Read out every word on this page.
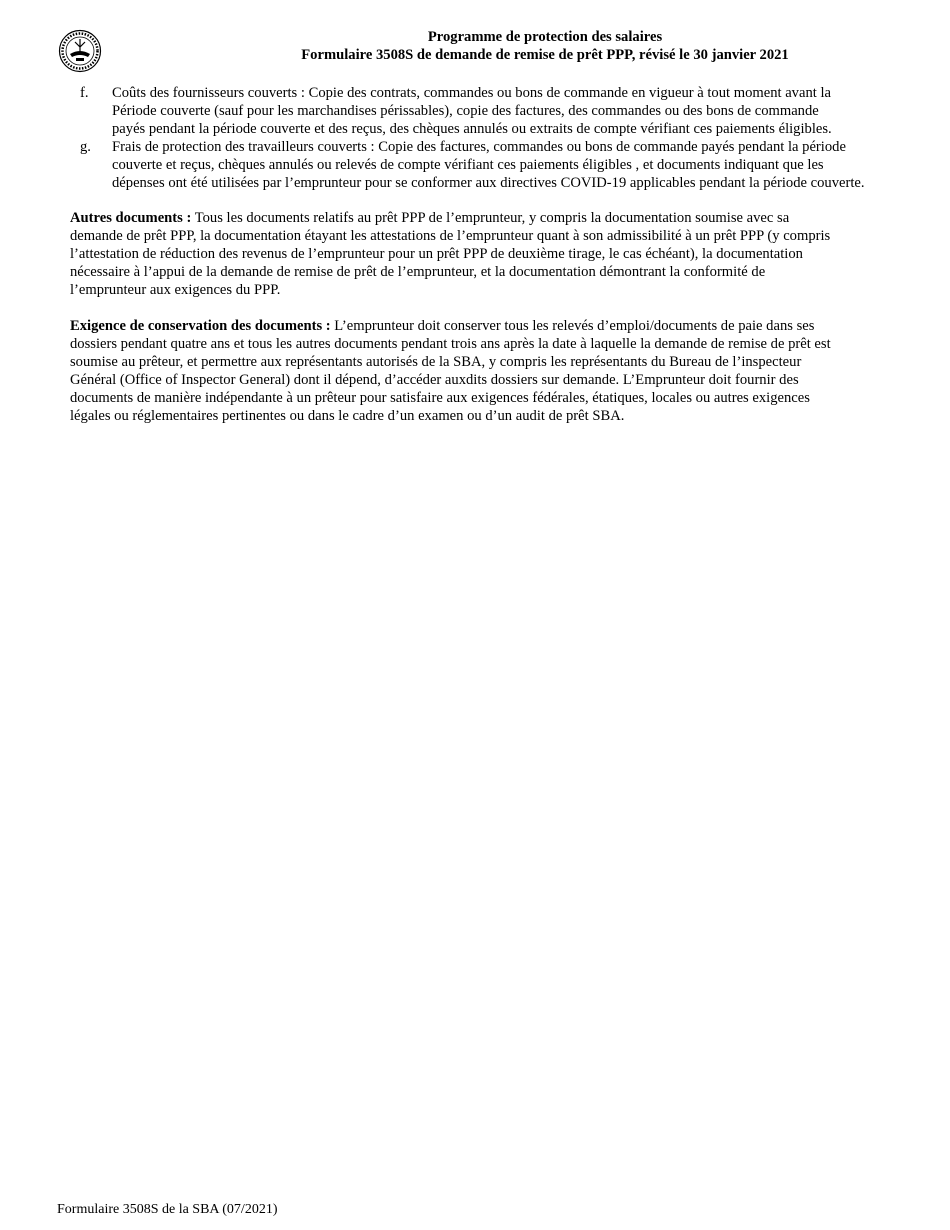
Programme de protection des salaires
Formulaire 3508S de demande de remise de prêt PPP, révisé le 30 janvier 2021
f. Coûts des fournisseurs couverts : Copie des contrats, commandes ou bons de commande en vigueur à tout moment avant la
Période couverte (sauf pour les marchandises périssables), copie des factures, des commandes ou des bons de commande
payés pendant la période couverte et des reçus, des chèques annulés ou extraits de compte vérifiant ces paiements éligibles.
g. Frais de protection des travailleurs couverts : Copie des factures, commandes ou bons de commande payés pendant la période
couverte et reçus, chèques annulés ou relevés de compte vérifiant ces paiements éligibles , et documents indiquant que les
dépenses ont été utilisées par l’emprunteur pour se conformer aux directives COVID-19 applicables pendant la période couverte.
Autres documents : Tous les documents relatifs au prêt PPP de l’emprunteur, y compris la documentation soumise avec sa
demande de prêt PPP, la documentation étayant les attestations de l’emprunteur quant à son admissibilité à un prêt PPP (y compris
l’attestation de réduction des revenus de l’emprunteur pour un prêt PPP de deuxième tirage, le cas échéant), la documentation
nécessaire à l’appui de la demande de remise de prêt de l’emprunteur, et la documentation démontrant la conformité de
l’emprunteur aux exigences du PPP.
Exigence de conservation des documents : L’emprunteur doit conserver tous les relevés d’emploi/documents de paie dans ses
dossiers pendant quatre ans et tous les autres documents pendant trois ans après la date à laquelle la demande de remise de prêt est
soumise au prêteur, et permettre aux représentants autorisés de la SBA, y compris les représentants du Bureau de l’inspecteur
Général (Office of Inspector General) dont il dépend, d’accéder auxdits dossiers sur demande. L’Emprunteur doit fournir des
documents de manière indépendante à un prêteur pour satisfaire aux exigences fédérales, étatiques, locales ou autres exigences
légales ou réglementaires pertinentes ou dans le cadre d’un examen ou d’un audit de prêt SBA.
Formulaire 3508S de la SBA (07/2021)
